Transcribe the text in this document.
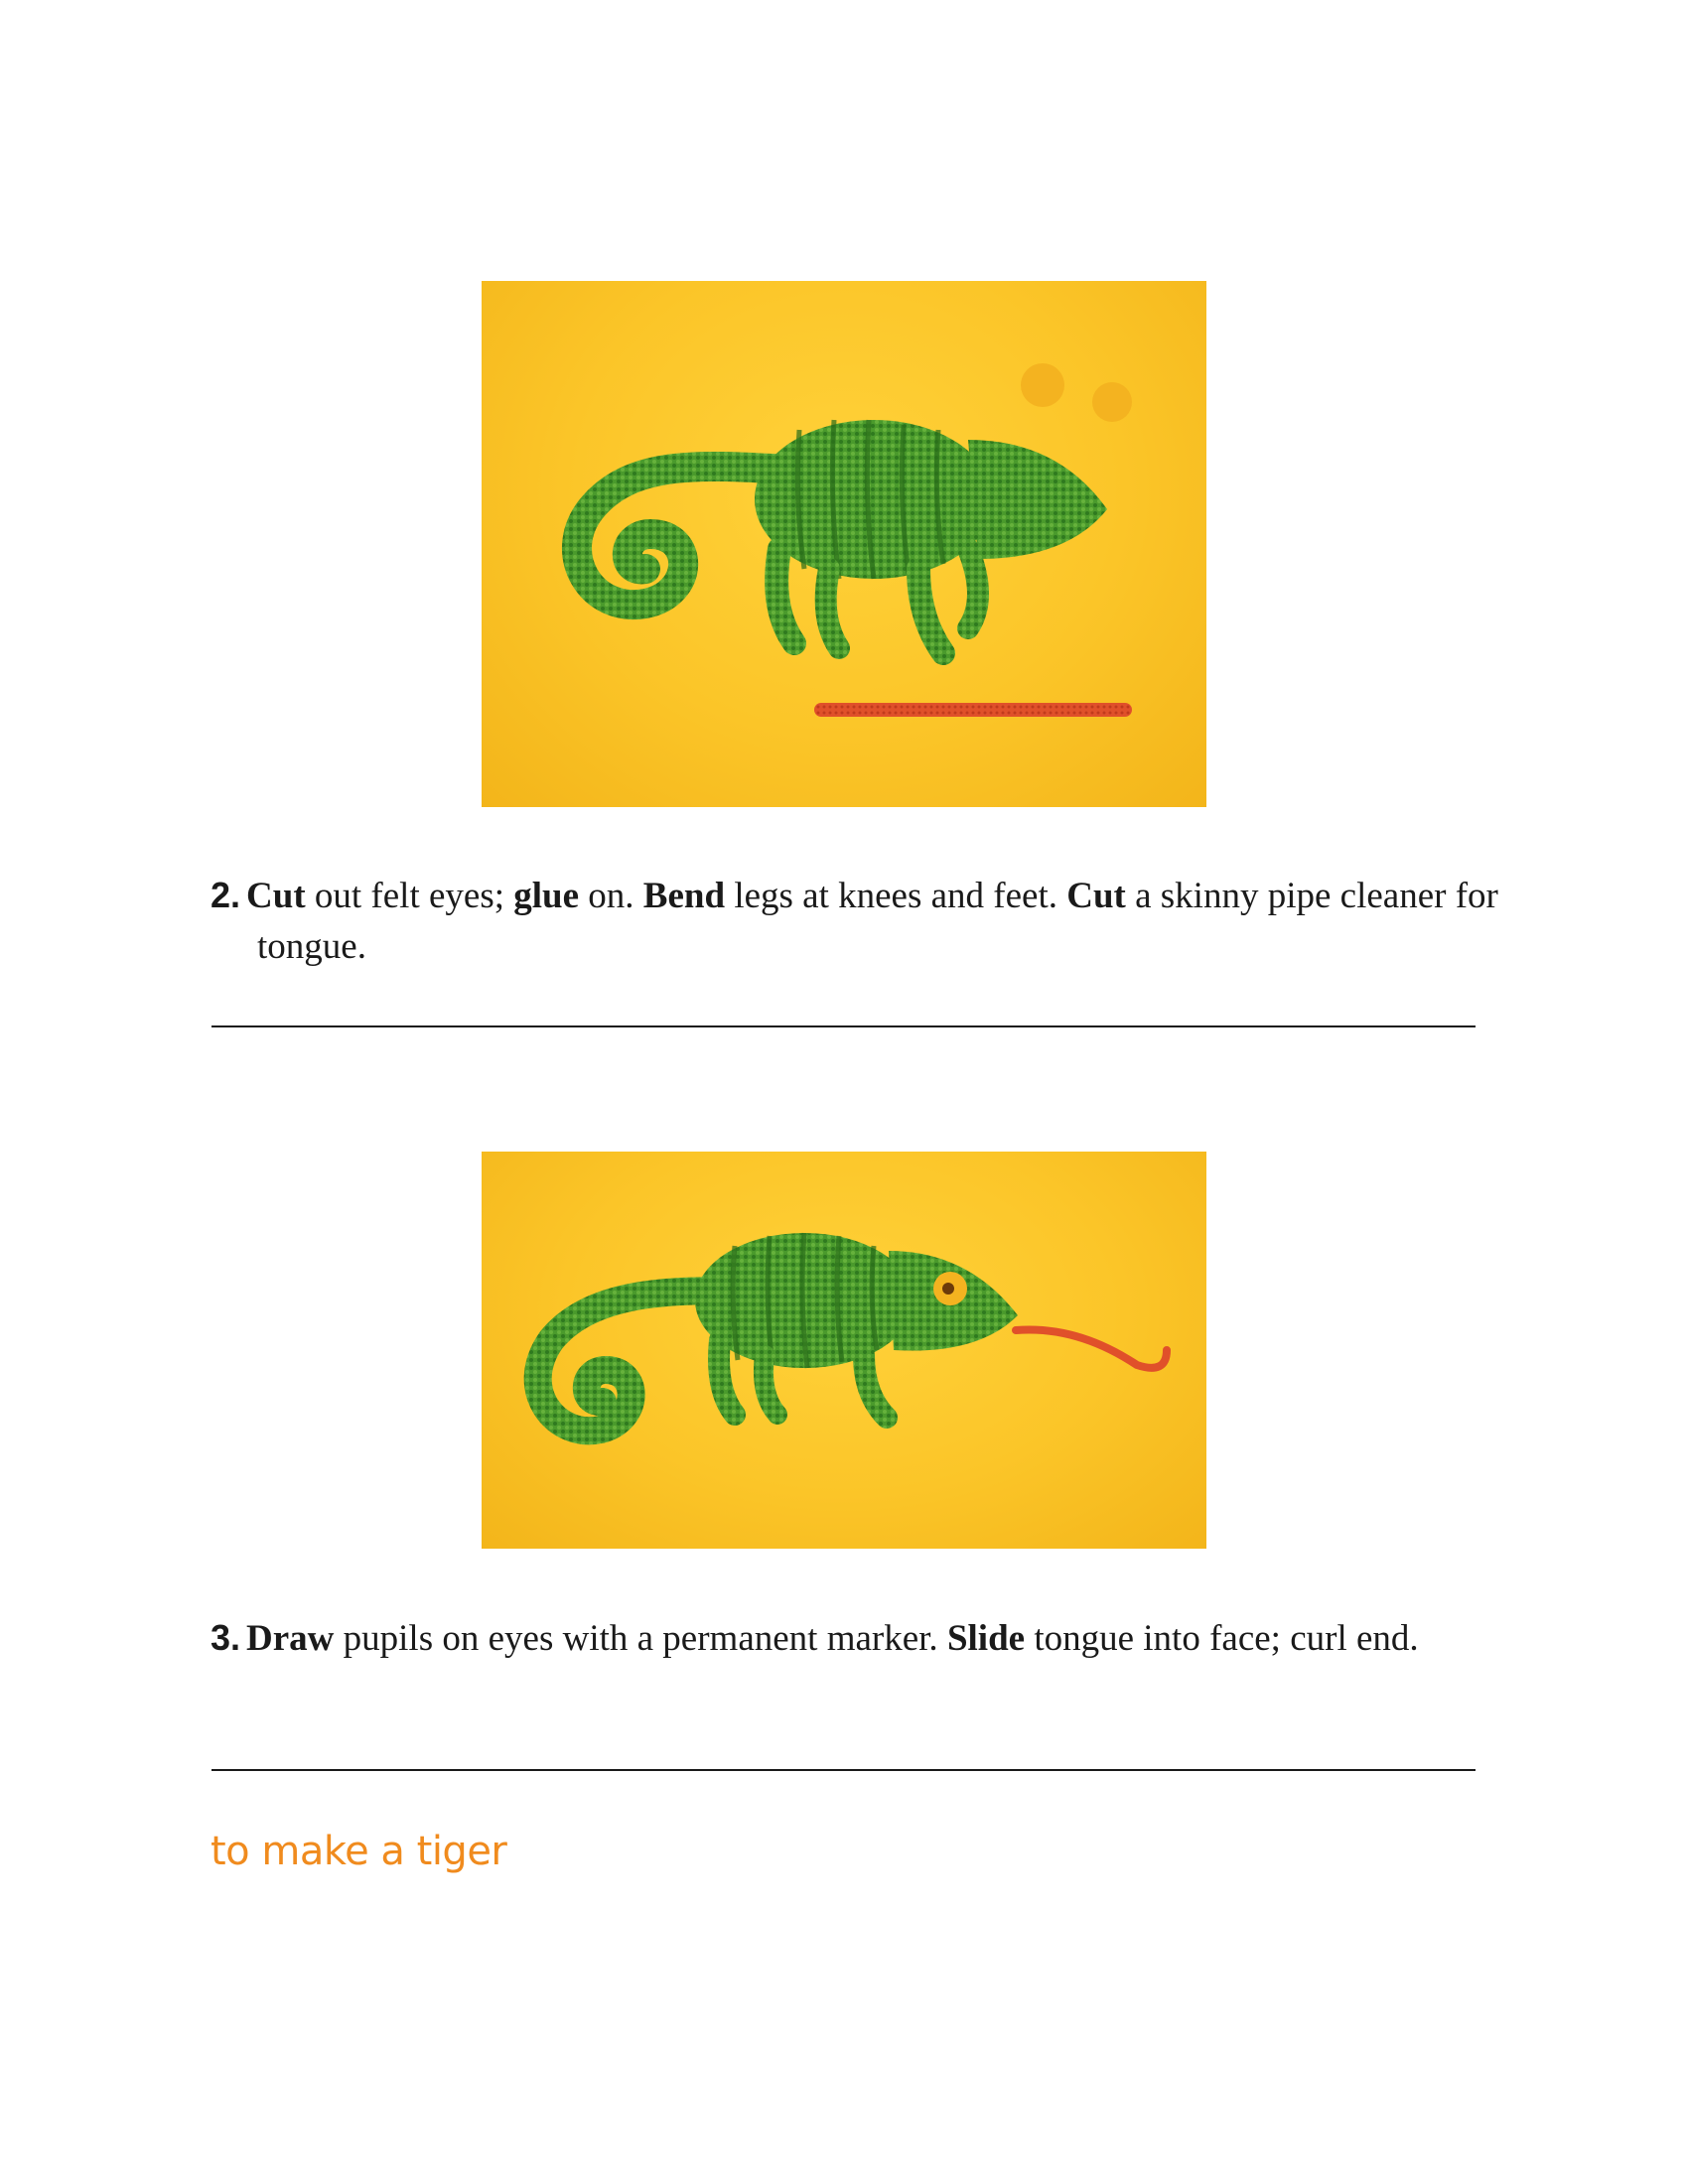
2. Cut out felt eyes; glue on. Bend legs at knees and feet. Cut a skinny pipe cleaner for tongue.
3. Draw pupils on eyes with a permanent marker. Slide tongue into face; curl end.
to make a tiger
